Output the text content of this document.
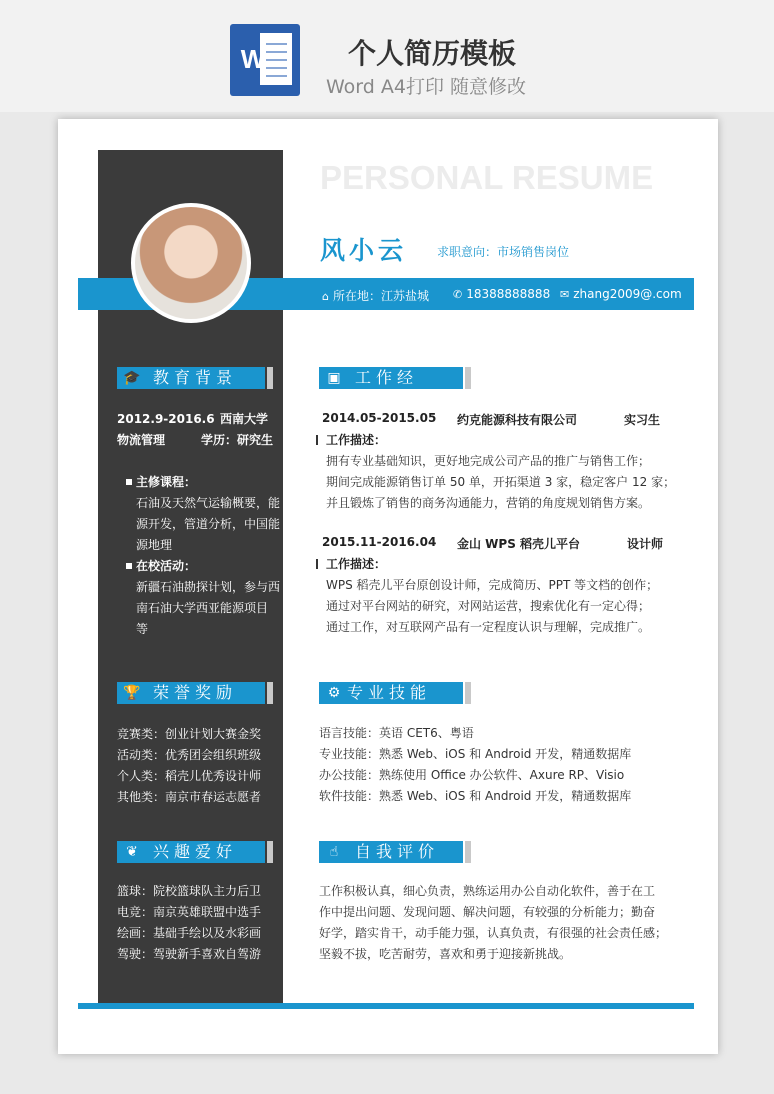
W	个人简历模板
Word A4打印 随意修改
PERSONAL RESUME
风小云 求职意向：市场销售岗位
⌂ 所在地：江苏盐城 ✆ 18388888888 ✉ zhang2009@.com
🎓 教育背景
2012.9-2016.6 西南大学
物流管理	学历：研究生
主修课程：
石油及天然气运输概要，能
源开发，管道分析，中国能
源地理
在校活动：
新疆石油勘探计划，参与西
南石油大学西亚能源项目
等
🏆 荣誉奖励
竞赛类：创业计划大赛金奖
活动类：优秀团会组织班级
个人类：稻壳儿优秀设计师
其他类：南京市春运志愿者
❦ 兴趣爱好
篮球：院校篮球队主力后卫
电竞：南京英雄联盟中选手
绘画：基础手绘以及水彩画
驾驶：驾驶新手喜欢自驾游
▣ 工作经
2014.05-2015.05 约克能源科技有限公司	实习生
工作描述：
拥有专业基础知识，更好地完成公司产品的推广与销售工作；
期间完成能源销售订单 50 单，开拓渠道 3 家，稳定客户 12 家；
并且锻炼了销售的商务沟通能力，营销的角度规划销售方案。
2015.11-2016.04 金山 WPS 稻壳儿平台	设计师
工作描述：
WPS 稻壳儿平台原创设计师，完成简历、PPT 等文档的创作；
通过对平台网站的研究，对网站运营，搜索优化有一定心得；
通过工作，对互联网产品有一定程度认识与理解，完成推广。
⚙ 专业技能
语言技能：英语 CET6、粤语
专业技能：熟悉 Web、iOS 和 Android 开发，精通数据库
办公技能：熟练使用 Office 办公软件、Axure RP、Visio
软件技能：熟悉 Web、iOS 和 Android 开发，精通数据库
☝ 自我评价
工作积极认真，细心负责，熟练运用办公自动化软件，善于在工
作中提出问题、发现问题、解决问题，有较强的分析能力；勤奋
好学，踏实肯干，动手能力强，认真负责，有很强的社会责任感；
坚毅不拔，吃苦耐劳，喜欢和勇于迎接新挑战。
